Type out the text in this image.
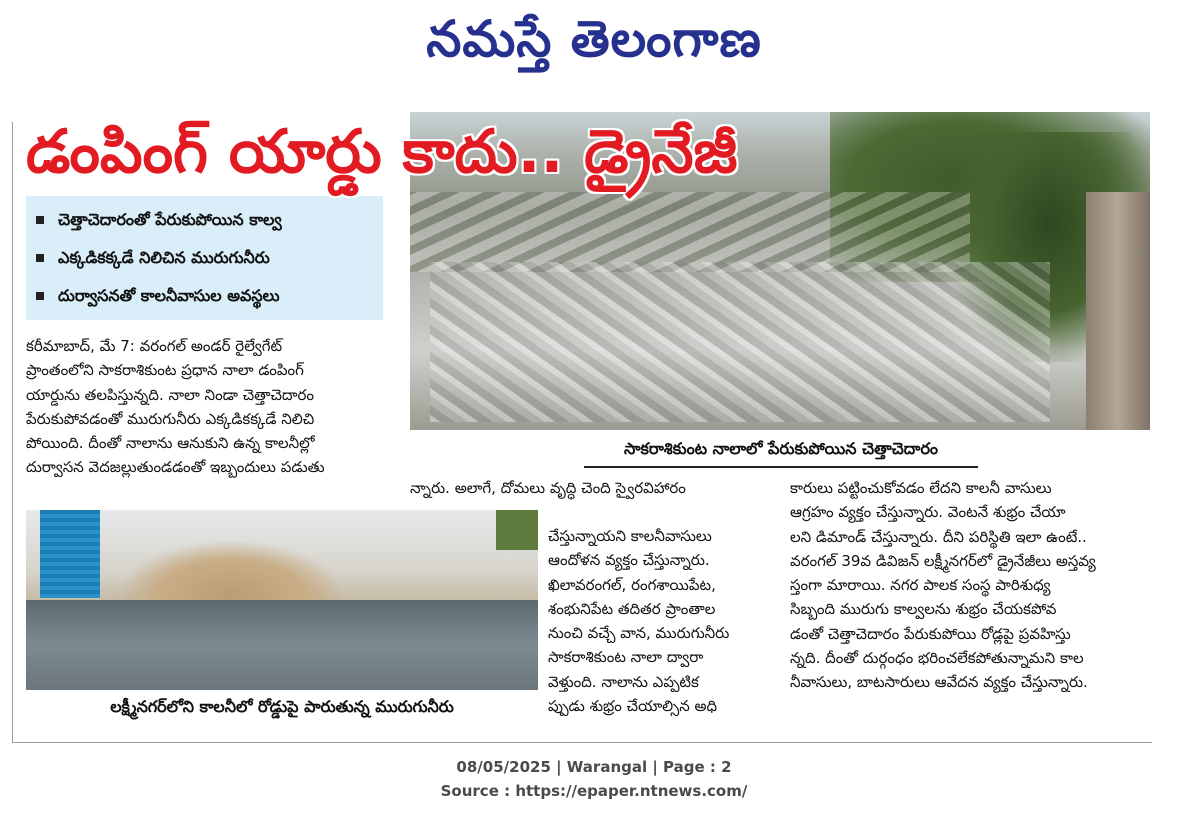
నమస్తే తెలంగాణ
డంపింగ్ యార్డు కాదు.. డ్రైనేజీ
సాకరాశికుంట నాలాలో పేరుకుపోయిన చెత్తాచెదారం
చెత్తాచెదారంతో పేరుకుపోయిన కాల్వ
ఎక్కడికక్కడే నిలిచిన మురుగునీరు
దుర్వాసనతో కాలనీవాసుల అవస్థలు
కరీమాబాద్, మే 7: వరంగల్ అండర్ రైల్వేగేట్
ప్రాంతంలోని సాకరాశికుంట ప్రధాన నాలా డంపింగ్
యార్డును తలపిస్తున్నది. నాలా నిండా చెత్తాచెదారం
పేరుకుపోవడంతో మురుగునీరు ఎక్కడికక్కడే నిలిచి
పోయింది. దీంతో నాలాను ఆనుకుని ఉన్న కాలనీల్లో
దుర్వాసన వెదజల్లుతుండడంతో ఇబ్బందులు పడుతు
లక్ష్మీనగర్‌లోని కాలనీలో రోడ్డుపై పారుతున్న మురుగునీరు
న్నారు. అలాగే, దోమలు వృద్ధి చెంది స్వైరవిహారం
చేస్తున్నాయని కాలనీవాసులు
ఆందోళన వ్యక్తం చేస్తున్నారు.
ఖిలావరంగల్, రంగశాయిపేట,
శంభునిపేట తదితర ప్రాంతాల
నుంచి వచ్చే వాన, మురుగునీరు
సాకరాశికుంట నాలా ద్వారా
వెళ్తుంది. నాలాను ఎప్పటిక
ప్పుడు శుభ్రం చేయాల్సిన అధి
కారులు పట్టించుకోవడం లేదని కాలనీ వాసులు
ఆగ్రహం వ్యక్తం చేస్తున్నారు. వెంటనే శుభ్రం చేయా
లని డిమాండ్ చేస్తున్నారు. దీని పరిస్థితి ఇలా ఉంటే..
వరంగల్ 39వ డివిజన్ లక్ష్మీనగర్‌లో డ్రైనేజీలు అస్తవ్య
స్తంగా మారాయి. నగర పాలక సంస్థ పారిశుధ్య
సిబ్బంది మురుగు కాల్వలను శుభ్రం చేయకపోవ
డంతో చెత్తాచెదారం పేరుకుపోయి రోడ్లపై ప్రవహిస్తు
న్నది. దీంతో దుర్గంధం భరించలేకపోతున్నామని కాల
నీవాసులు, బాటసారులు ఆవేదన వ్యక్తం చేస్తున్నారు.
08/05/2025 | Warangal | Page : 2
Source : https://epaper.ntnews.com/
